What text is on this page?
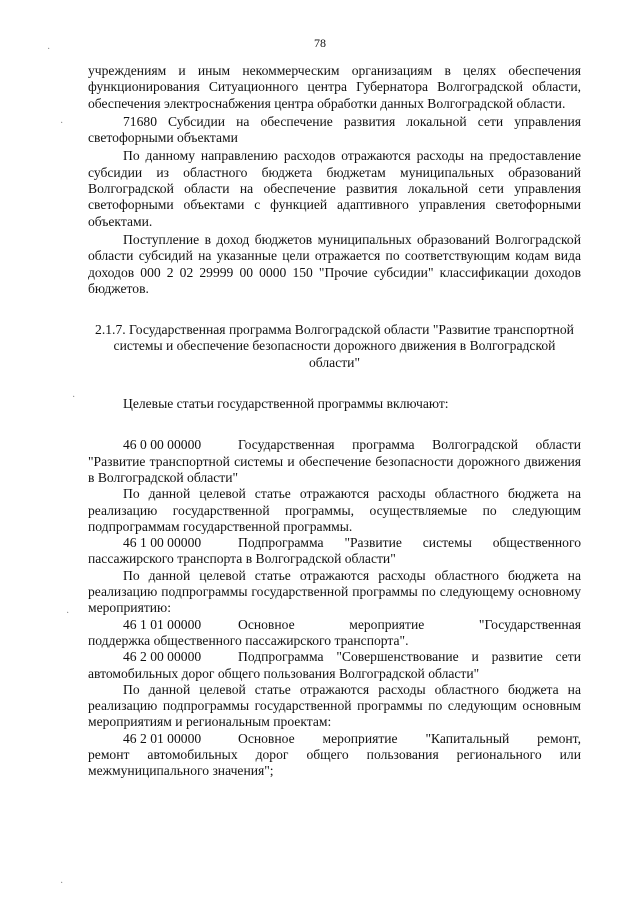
78
·
·
·
·
·

учреждениям и иным некоммерческим организациям в целях обеспечения функционирования Ситуационного центра Губернатора Волгоградской области, обеспечения электроснабжения центра обработки данных Волгоградской области.

71680 Субсидии на обеспечение развития локальной сети управления светофорными объектами

По данному направлению расходов отражаются расходы на предоставление субсидии из областного бюджета бюджетам муниципальных образований Волгоградской области на обеспечение развития локальной сети управления светофорными объектами с функцией адаптивного управления светофорными объектами.

Поступление в доход бюджетов муниципальных образований Волгоградской области субсидий на указанные цели отражается по соответствующим кодам вида доходов 000 2 02 29999 00 0000 150 "Прочие субсидии" классификации доходов бюджетов.

2.1.7. Государственная программа Волгоградской области "Развитие транспортной системы и обеспечение безопасности дорожного движения в Волгоградской области"

Целевые статьи государственной программы включают:

46 0 00 00000	Государственная программа Волгоградской области

"Развитие транспортной системы и обеспечение безопасности дорожного движения в Волгоградской области"

По данной целевой статье отражаются расходы областного бюджета на реализацию государственной программы, осуществляемые по следующим подпрограммам государственной программы.

46 1 00 00000	Подпрограмма "Развитие системы общественного

пассажирского транспорта в Волгоградской области"

По данной целевой статье отражаются расходы областного бюджета на реализацию подпрограммы государственной программы по следующему основному мероприятию:

46 1 01 00000	Основное мероприятие "Государственная

поддержка общественного пассажирского транспорта".

46 2 00 00000	Подпрограмма "Совершенствование и развитие сети

автомобильных дорог общего пользования Волгоградской области"

По данной целевой статье отражаются расходы областного бюджета на реализацию подпрограммы государственной программы по следующим основным мероприятиям и региональным проектам:

46 2 01 00000	Основное мероприятие "Капитальный ремонт,

ремонт автомобильных дорог общего пользования регионального или межмуниципального значения";
